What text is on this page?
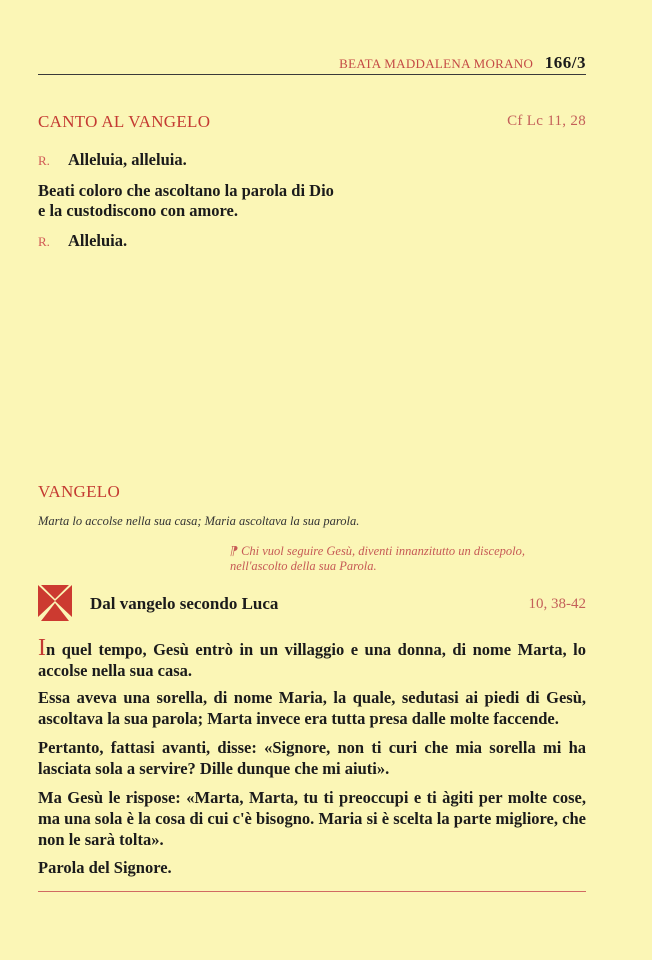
BEATA MADDALENA MORANO 166/3
CANTO AL VANGELO	Cf Lc 11, 28
R. Alleluia, alleluia.
Beati coloro che ascoltano la parola di Dio
e la custodiscono con amore.
R. Alleluia.
VANGELO
Marta lo accolse nella sua casa; Maria ascoltava la sua parola.
⁋ Chi vuol seguire Gesù, diventi innanzitutto un discepolo,
nell'ascolto della sua Parola.
Dal vangelo secondo Luca	10, 38-42
In quel tempo, Gesù entrò in un villaggio e una donna, di nome Marta, lo accolse nella sua casa.
Essa aveva una sorella, di nome Maria, la quale, sedutasi ai piedi di Gesù, ascoltava la sua parola; Marta invece era tutta presa dalle molte faccende.
Pertanto, fattasi avanti, disse: «Signore, non ti curi che mia sorella mi ha lasciata sola a servire? Dille dunque che mi aiuti».
Ma Gesù le rispose: «Marta, Marta, tu ti preoccupi e ti àgiti per molte cose, ma una sola è la cosa di cui c'è bisogno. Maria si è scelta la parte migliore, che non le sarà tolta».
Parola del Signore.
